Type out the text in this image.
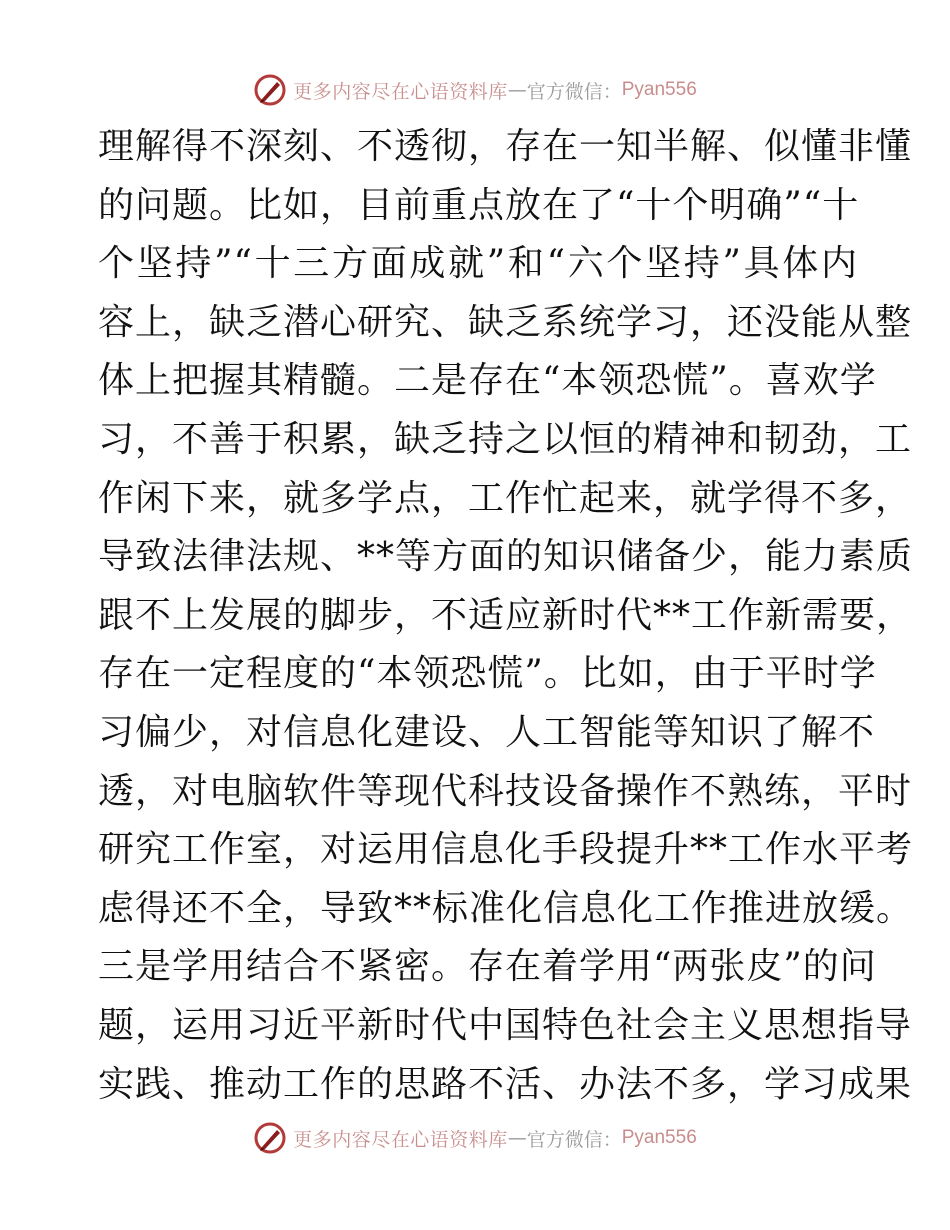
更多内容尽在心语资料库 — 官方微信： Pyan556
理解得不深刻、不透彻，存在一知半解、似懂非懂
的问题。比如，目前重点放在了“十个明确”“十
个坚持”“十三方面成就”和“六个坚持”具体内
容上，缺乏潜心研究、缺乏系统学习，还没能从整
体上把握其精髓。二是存在“本领恐慌”。喜欢学
习，不善于积累，缺乏持之以恒的精神和韧劲，工
作闲下来，就多学点，工作忙起来，就学得不多，
导致法律法规、**等方面的知识储备少，能力素质
跟不上发展的脚步，不适应新时代**工作新需要，
存在一定程度的“本领恐慌”。比如，由于平时学
习偏少，对信息化建设、人工智能等知识了解不
透，对电脑软件等现代科技设备操作不熟练，平时
研究工作室，对运用信息化手段提升**工作水平考
虑得还不全，导致**标准化信息化工作推进放缓。
三是学用结合不紧密。存在着学用“两张皮”的问
题，运用习近平新时代中国特色社会主义思想指导
实践、推动工作的思路不活、办法不多，学习成果
更多内容尽在心语资料库 — 官方微信： Pyan556
